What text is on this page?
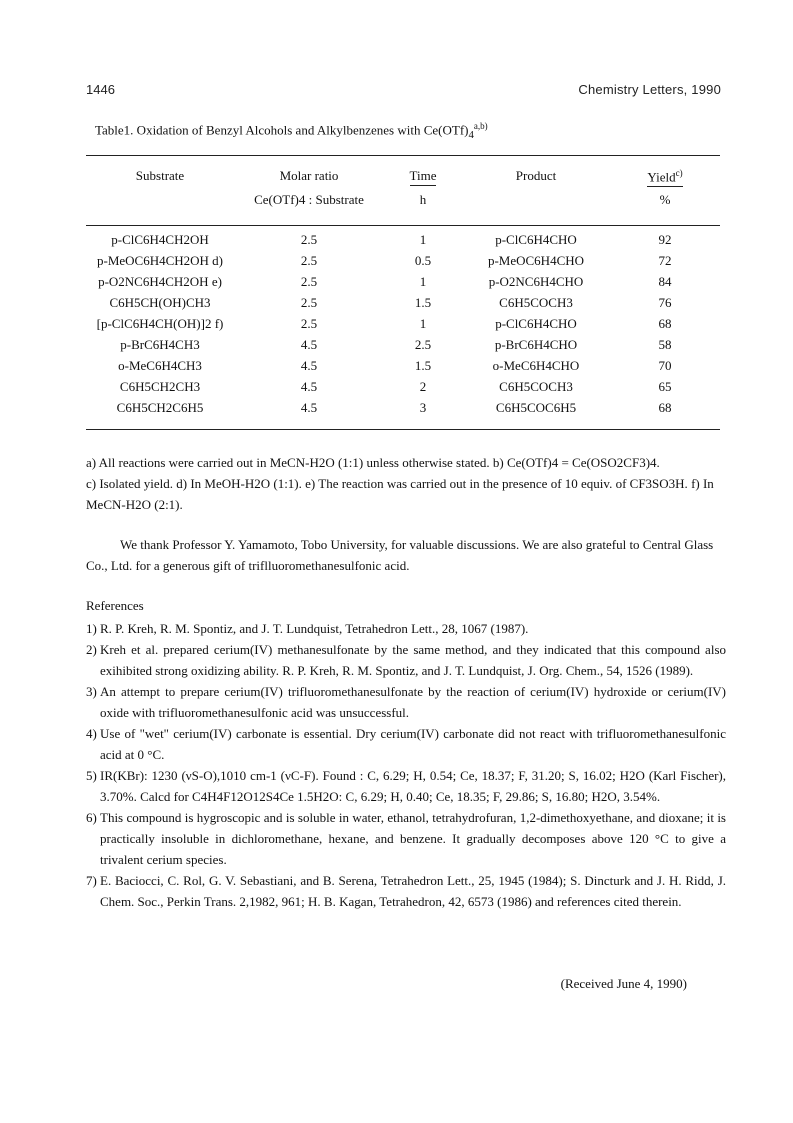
1446	Chemistry Letters, 1990
Table1. Oxidation of Benzyl Alcohols and Alkylbenzenes with $Ce(OTf)_4^{a,b)}$
Substrate	Molar ratio	Time	Product	Yield$^{c)}$
	Ce(OTf)4 : Substrate	h		%

p-ClC6H4CH2OH	2.5	1	p-ClC6H4CHO	92
p-MeOC6H4CH2OH d)	2.5	0.5	p-MeOC6H4CHO	72
p-O2NC6H4CH2OH e)	2.5	1	p-O2NC6H4CHO	84
C6H5CH(OH)CH3	2.5	1.5	C6H5COCH3	76
[p-ClC6H4CH(OH)]2 f)	2.5	1	p-ClC6H4CHO	68
p-BrC6H4CH3	4.5	2.5	p-BrC6H4CHO	58
o-MeC6H4CH3	4.5	1.5	o-MeC6H4CHO	70
C6H5CH2CH3	4.5	2	C6H5COCH3	65
C6H5CH2C6H5	4.5	3	C6H5COC6H5	68
a) All reactions were carried out in MeCN-H2O (1:1) unless otherwise stated. b) Ce(OTf)4 = Ce(OSO2CF3)4.
c) Isolated yield. d) In MeOH-H2O (1:1). e) The reaction was carried out in the presence of 10 equiv. of CF3SO3H. f) In MeCN-H2O (2:1).
We thank Professor Y. Yamamoto, Tobo University, for valuable discussions. We are also grateful to Central Glass Co., Ltd. for a generous gift of triflluoromethanesulfonic acid.
References
1) R. P. Kreh, R. M. Spontiz, and J. T. Lundquist, Tetrahedron Lett., 28, 1067 (1987).
2) Kreh et al. prepared cerium(IV) methanesulfonate by the same method, and they indicated that this compound also exihibited strong oxidizing ability. R. P. Kreh, R. M. Spontiz, and J. T. Lundquist, J. Org. Chem., 54, 1526 (1989).
3) An attempt to prepare cerium(IV) trifluoromethanesulfonate by the reaction of cerium(IV) hydroxide or cerium(IV) oxide with trifluoromethanesulfonic acid was unsuccessful.
4) Use of "wet" cerium(IV) carbonate is essential. Dry cerium(IV) carbonate did not react with trifluoromethanesulfonic acid at 0 °C.
5) IR(KBr): 1230 (νS-O),1010 cm-1 (νC-F). Found : C, 6.29; H, 0.54; Ce, 18.37; F, 31.20; S, 16.02; H2O (Karl Fischer), 3.70%. Calcd for C4H4F12O12S4Ce 1.5H2O: C, 6.29; H, 0.40; Ce, 18.35; F, 29.86; S, 16.80; H2O, 3.54%.
6) This compound is hygroscopic and is soluble in water, ethanol, tetrahydrofuran, 1,2-dimethoxyethane, and dioxane; it is practically insoluble in dichloromethane, hexane, and benzene. It gradually decomposes above 120 °C to give a trivalent cerium species.
7) E. Baciocci, C. Rol, G. V. Sebastiani, and B. Serena, Tetrahedron Lett., 25, 1945 (1984); S. Dincturk and J. H. Ridd, J. Chem. Soc., Perkin Trans. 2,1982, 961; H. B. Kagan, Tetrahedron, 42, 6573 (1986) and references cited therein.
(Received June 4, 1990)
